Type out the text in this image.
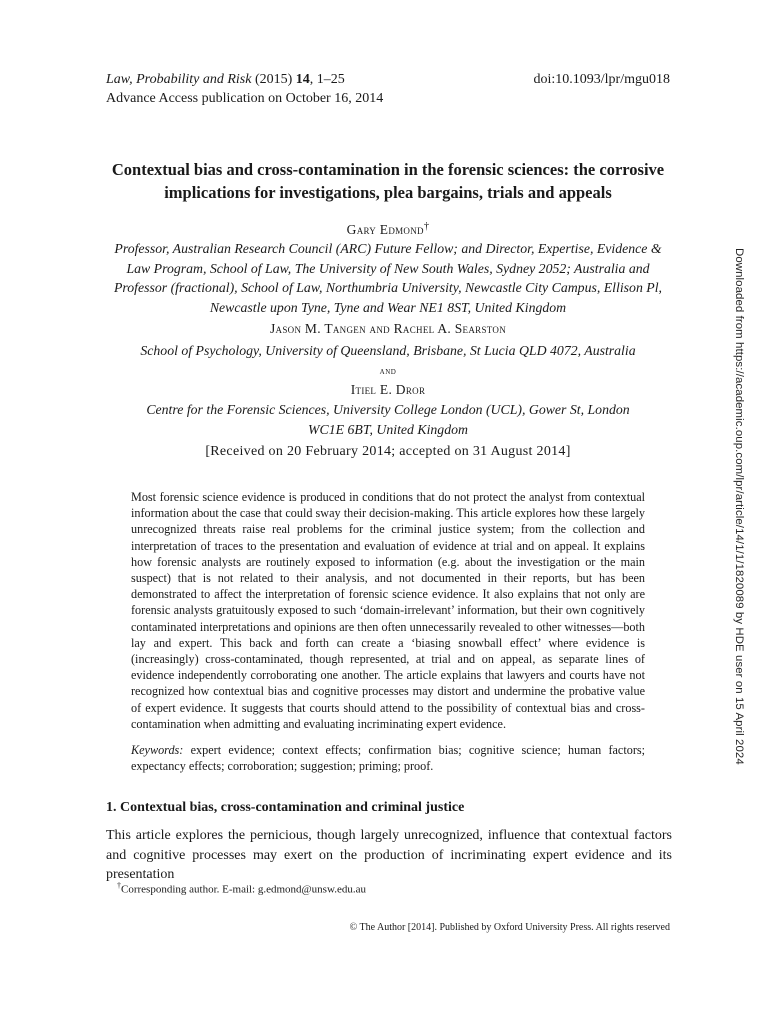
Law, Probability and Risk (2015) 14, 1–25
Advance Access publication on October 16, 2014
doi:10.1093/lpr/mgu018
Contextual bias and cross-contamination in the forensic sciences: the corrosive implications for investigations, plea bargains, trials and appeals
Gary Edmond†
Professor, Australian Research Council (ARC) Future Fellow; and Director, Expertise, Evidence & Law Program, School of Law, The University of New South Wales, Sydney 2052; Australia and Professor (fractional), School of Law, Northumbria University, Newcastle City Campus, Ellison Pl, Newcastle upon Tyne, Tyne and Wear NE1 8ST, United Kingdom
Jason M. Tangen and Rachel A. Searston
School of Psychology, University of Queensland, Brisbane, St Lucia QLD 4072, Australia
and
Itiel E. Dror
Centre for the Forensic Sciences, University College London (UCL), Gower St, London WC1E 6BT, United Kingdom
[Received on 20 February 2014; accepted on 31 August 2014]
Most forensic science evidence is produced in conditions that do not protect the analyst from contextual information about the case that could sway their decision-making. This article explores how these largely unrecognized threats raise real problems for the criminal justice system; from the collection and interpretation of traces to the presentation and evaluation of evidence at trial and on appeal. It explains how forensic analysts are routinely exposed to information (e.g. about the investigation or the main suspect) that is not related to their analysis, and not documented in their reports, but has been demonstrated to affect the interpretation of forensic science evidence. It also explains that not only are forensic analysts gratuitously exposed to such ‘domain-irrelevant’ information, but their own cognitively contaminated interpretations and opinions are then often unnecessarily revealed to other witnesses—both lay and expert. This back and forth can create a ‘biasing snowball effect’ where evidence is (increasingly) cross-contaminated, though represented, at trial and on appeal, as separate lines of evidence independently corroborating one another. The article explains that lawyers and courts have not recognized how contextual bias and cognitive processes may distort and undermine the probative value of expert evidence. It suggests that courts should attend to the possibility of contextual bias and cross-contamination when admitting and evaluating incriminating expert evidence.
Keywords: expert evidence; context effects; confirmation bias; cognitive science; human factors; expectancy effects; corroboration; suggestion; priming; proof.
1. Contextual bias, cross-contamination and criminal justice
This article explores the pernicious, though largely unrecognized, influence that contextual factors and cognitive processes may exert on the production of incriminating expert evidence and its presentation
†Corresponding author. E-mail: g.edmond@unsw.edu.au
© The Author [2014]. Published by Oxford University Press. All rights reserved
Downloaded from https://academic.oup.com/lpr/article/14/1/1/1820089 by HDE user on 15 April 2024
